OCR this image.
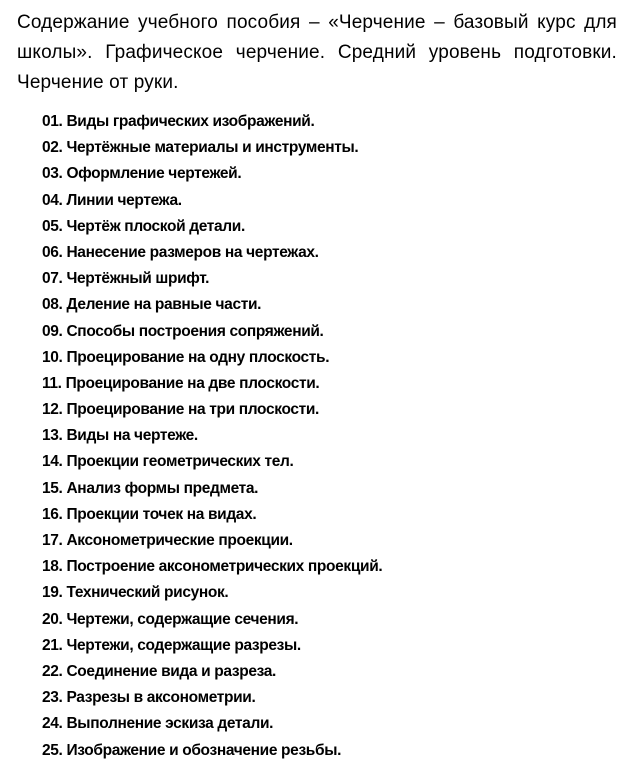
Содержание учебного пособия – «Черчение – базовый курс для школы». Графическое черчение. Средний уровень подготовки. Черчение от руки.
01. Виды графических изображений.
02. Чертёжные материалы и инструменты.
03. Оформление чертежей.
04. Линии чертежа.
05. Чертёж плоской детали.
06. Нанесение размеров на чертежах.
07. Чертёжный шрифт.
08. Деление на равные части.
09. Способы построения сопряжений.
10. Проецирование на одну плоскость.
11. Проецирование на две плоскости.
12. Проецирование на три плоскости.
13. Виды на чертеже.
14. Проекции геометрических тел.
15. Анализ формы предмета.
16. Проекции точек на видах.
17. Аксонометрические проекции.
18. Построение аксонометрических проекций.
19. Технический рисунок.
20. Чертежи, содержащие сечения.
21. Чертежи, содержащие разрезы.
22. Соединение вида и разреза.
23. Разрезы в аксонометрии.
24. Выполнение эскиза детали.
25. Изображение и обозначение резьбы.
